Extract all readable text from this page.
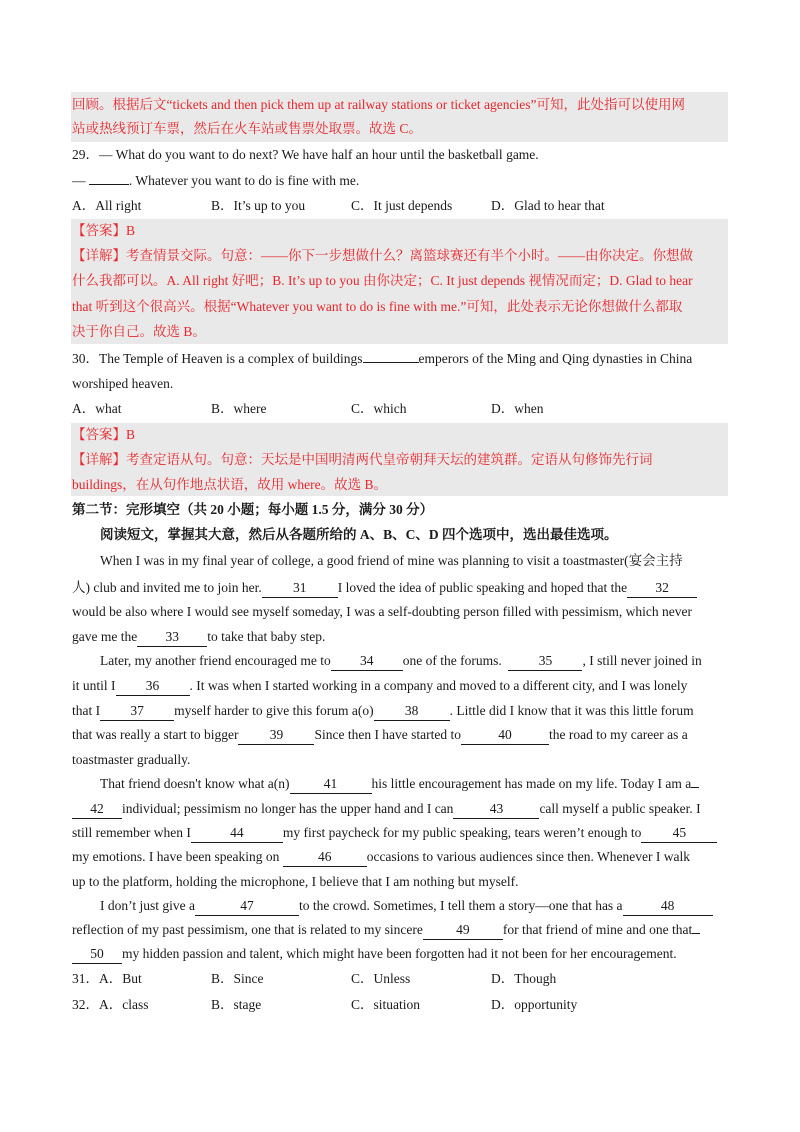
回顾。根据后文“tickets and then pick them up at railway stations or ticket agencies”可知，此处指可以使用网
站或热线预订车票，然后在火车站或售票处取票。故选 C。
29．— What do you want to do next? We have half an hour until the basketball game.
—	. Whatever you want to do is fine with me.
A．All right	B．It’s up to you	C．It just depends	D．Glad to hear that
【答案】B
【详解】考查情景交际。句意：——你下一步想做什么？离篮球赛还有半个小时。——由你决定。你想做
什么我都可以。A. All right 好吧；B. It’s up to you 由你决定；C. It just depends 视情况而定；D. Glad to hear
that 听到这个很高兴。根据“Whatever you want to do is fine with me.”可知，此处表示无论你想做什么都取
决于你自己。故选 B。
30．The Temple of Heaven is a complex of buildings	emperors of the Ming and Qing dynasties in China
worshiped heaven.
A．what	B．where	C．which	D．when
【答案】B
【详解】考查定语从句。句意：天坛是中国明清两代皇帝朝拜天坛的建筑群。定语从句修饰先行词
buildings，在从句作地点状语，故用 where。故选 B。
第二节：完形填空（共 20 小题；每小题 1.5 分，满分 30 分）
阅读短文，掌握其大意，然后从各题所给的 A、B、C、D 四个选项中，选出最佳选项。
When I was in my final year of college, a good friend of mine was planning to visit a toastmaster(宴会主持
人) club and invited me to join her. 31 I loved the idea of public speaking and hoped that the 32
would be also where I would see myself someday, I was a self-doubting person filled with pessimism, which never
gave me the 33 to take that baby step.
Later, my another friend encouraged me to 34 one of the forums.	35 , I still never joined in
it until I 36 . It was when I started working in a company and moved to a different city, and I was lonely
that I 37 myself harder to give this forum a(o) 38 . Little did I know that it was this little forum
that was really a start to bigger 39 Since then I have started to	40	the road to my career as a
toastmaster gradually.
That friend doesn't know what a(n)	41	his little encouragement has made on my life. Today I am a
42 individual; pessimism no longer has the upper hand and I can	43	call myself a public speaker. I
still remember when I	44	my first paycheck for my public speaking, tears weren’t enough to 45
my emotions. I have been speaking on	46	occasions to various audiences since then. Whenever I walk
up to the platform, holding the microphone, I believe that I am nothing but myself.
I don’t just give a	47	to the crowd. Sometimes, I tell them a story—one that has a	48
reflection of my past pessimism, one that is related to my sincere 49 for that friend of mine and one that
50 my hidden passion and talent, which might have been forgotten had it not been for her encouragement.
31．A．But	B．Since	C．Unless	D．Though
32．A．class	B．stage	C．situation	D．opportunity
